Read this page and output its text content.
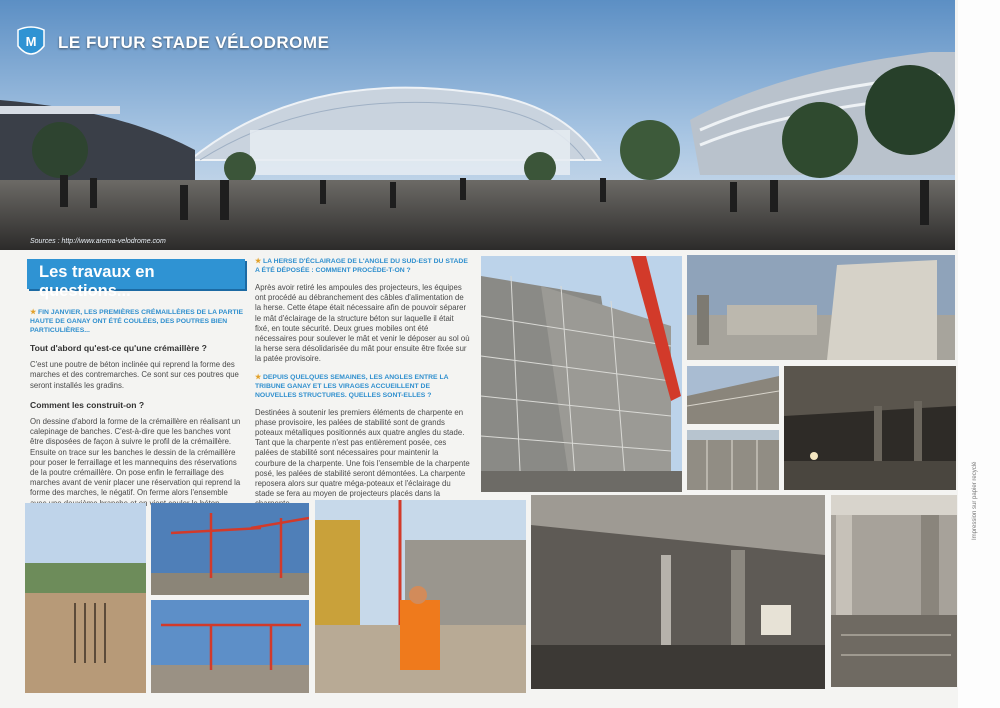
M LE FUTUR STADE VÉLODROME
Sources : http://www.arema-velodrome.com
Les travaux en questions...

★ FIN JANVIER, LES PREMIÈRES CRÉMAILLÈRES DE LA PARTIE HAUTE DE GANAY ONT ÉTÉ COULÉES, DES POUTRES BIEN PARTICULIÈRES...

Tout d'abord qu'est-ce qu'une crémaillère ?

C'est une poutre de béton inclinée qui reprend la forme des marches et des contremarches. Ce sont sur ces poutres que seront installés les gradins.

Comment les construit-on ?

On dessine d'abord la forme de la crémaillère en réalisant un calepinage de banches. C'est-à-dire que les banches vont être disposées de façon à suivre le profil de la crémaillère. Ensuite on trace sur les banches le dessin de la crémaillère pour poser le ferraillage et les mannequins des réservations de la poutre crémaillère. On pose enfin le ferraillage des marches avant de venir placer une réservation qui reprend la forme des marches, le négatif. On ferme alors l'ensemble

★ LA HERSE D'ÉCLAIRAGE DE L'ANGLE DU SUD-EST DU STADE A ÉTÉ DÉPOSÉE : COMMENT PROCÈDE-T-ON ?

Après avoir retiré les ampoules des projecteurs, les équipes ont procédé au débranchement des câbles d'alimentation de la herse. Cette étape était nécessaire afin de pouvoir séparer le mât d'éclairage de la structure béton sur laquelle il était fixé, en toute sécurité. Deux grues mobiles ont été nécessaires pour soulever le mât et venir le déposer au sol où la herse sera désolidarisée du mât pour ensuite être fixée sur la patée provisoire.

★ DEPUIS QUELQUES SEMAINES, LES ANGLES ENTRE LA TRIBUNE GANAY ET LES VIRAGES ACCUEILLENT DE NOUVELLES STRUCTURES. QUELLES SONT-ELLES ?

Destinées à soutenir les premiers éléments de charpente en phase provisoire, les palées de stabilité sont de grands poteaux métalliques positionnés aux quatre angles du stade. Tant que la charpente n'est pas entièrement posée, ces palées de stabilité sont nécessaires pour maintenir la courbure de la charpente. Une fois l'ensemble de la charpente posé, les palées de stabilité seront démontées. La charpente reposera alors sur quatre méga-poteaux et l'éclairage du stade se fera au moyen de projecteurs placés dans la	Impression sur papier recyclé
